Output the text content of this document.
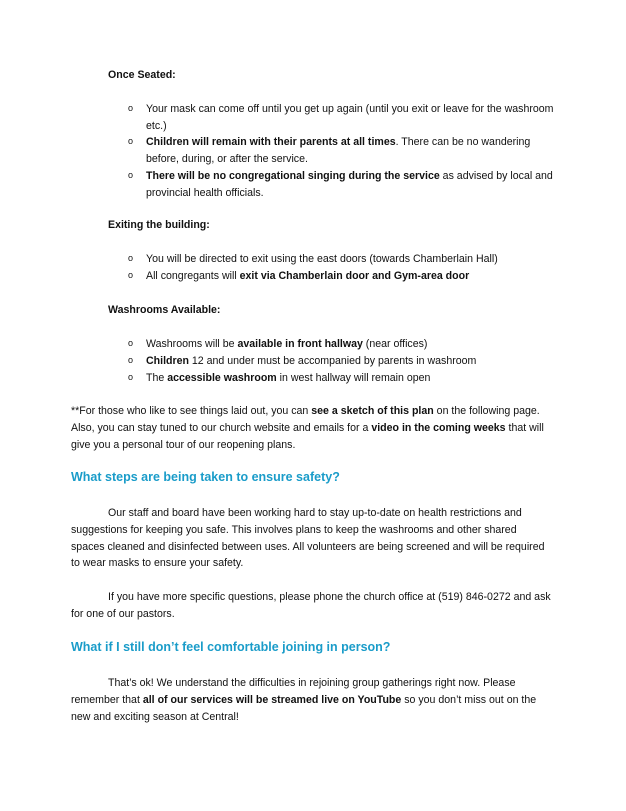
Once Seated:
o Your mask can come off until you get up again (until you exit or leave for the washroom etc.)
o Children will remain with their parents at all times. There can be no wandering before, during, or after the service.
o There will be no congregational singing during the service as advised by local and provincial health officials.
Exiting the building:
o You will be directed to exit using the east doors (towards Chamberlain Hall)
o All congregants will exit via Chamberlain door and Gym-area door
Washrooms Available:
o Washrooms will be available in front hallway (near offices)
o Children 12 and under must be accompanied by parents in washroom
o The accessible washroom in west hallway will remain open
**For those who like to see things laid out, you can see a sketch of this plan on the following page. Also, you can stay tuned to our church website and emails for a video in the coming weeks that will give you a personal tour of our reopening plans.
What steps are being taken to ensure safety?
Our staff and board have been working hard to stay up-to-date on health restrictions and suggestions for keeping you safe. This involves plans to keep the washrooms and other shared spaces cleaned and disinfected between uses. All volunteers are being screened and will be required to wear masks to ensure your safety.
If you have more specific questions, please phone the church office at (519) 846-0272 and ask for one of our pastors.
What if I still don’t feel comfortable joining in person?
That’s ok! We understand the difficulties in rejoining group gatherings right now. Please remember that all of our services will be streamed live on YouTube so you don’t miss out on the new and exciting season at Central!
